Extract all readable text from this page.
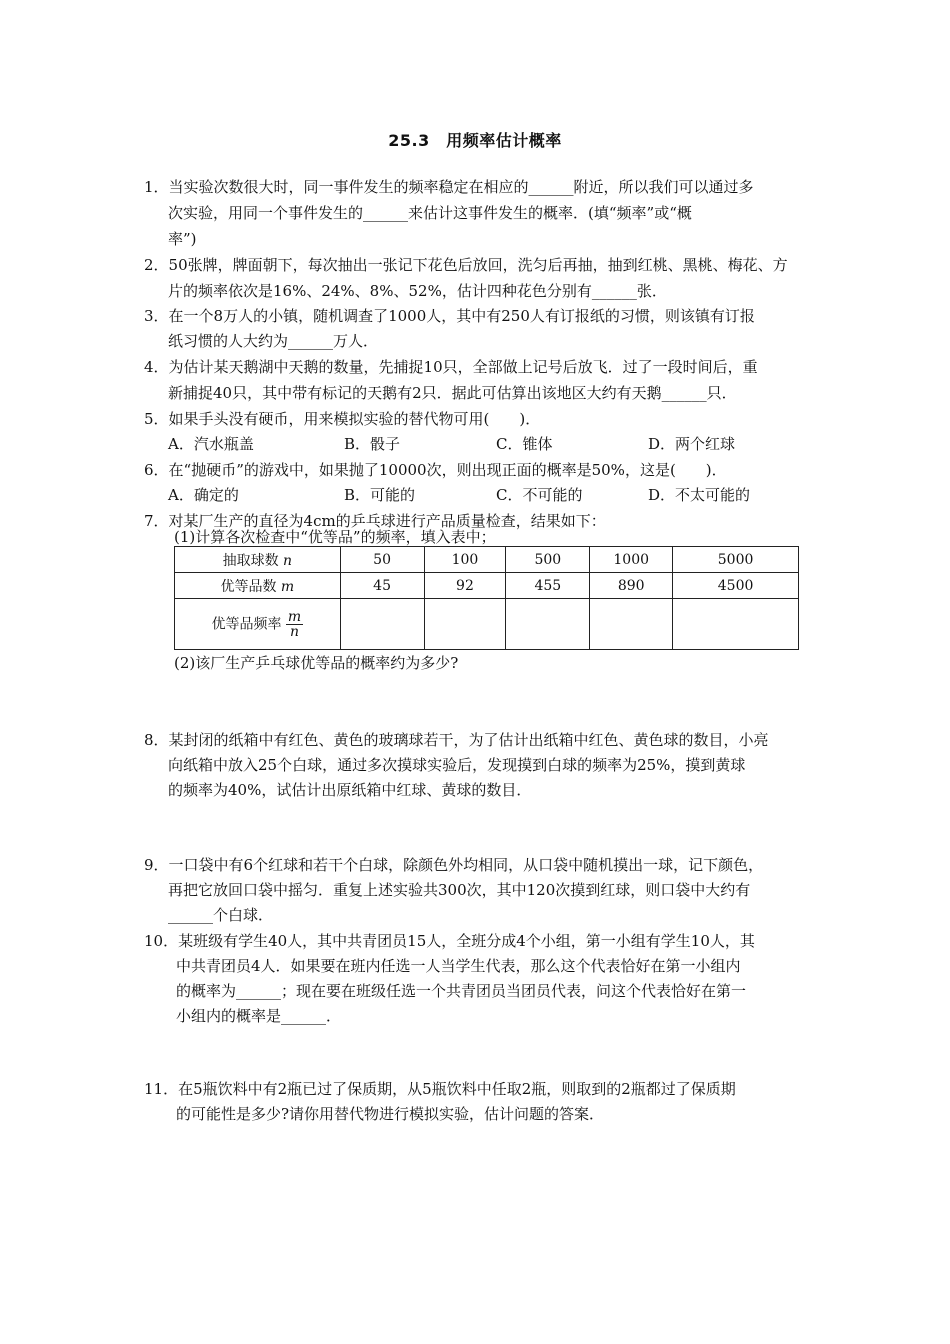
25.3　用频率估计概率
1．当实验次数很大时，同一事件发生的频率稳定在相应的______附近，所以我们可以通过多
次实验，用同一个事件发生的______来估计这事件发生的概率．(填“频率”或“概
率”)
2．50张牌，牌面朝下，每次抽出一张记下花色后放回，洗匀后再抽，抽到红桃、黑桃、梅花、方
片的频率依次是16%、24%、8%、52%，估计四种花色分别有______张．
3．在一个8万人的小镇，随机调查了1000人，其中有250人有订报纸的习惯，则该镇有订报
纸习惯的人大约为______万人．
4．为估计某天鹅湖中天鹅的数量，先捕捉10只，全部做上记号后放飞．过了一段时间后，重
新捕捉40只，其中带有标记的天鹅有2只．据此可估算出该地区大约有天鹅______只．
5．如果手头没有硬币，用来模拟实验的替代物可用(　　)．
A．汽水瓶盖	B．骰子	C．锥体	D．两个红球
6．在“抛硬币”的游戏中，如果抛了10000次，则出现正面的概率是50%，这是(　　)．
A．确定的	B．可能的	C．不可能的	D．不太可能的
7．对某厂生产的直径为4cm的乒乓球进行产品质量检查，结果如下：
(1)计算各次检查中“优等品”的频率，填入表中；
抽取球数 n	50	100	500	1000	5000
优等品数 m	45	92	455	890	4500
优等品频率 $\frac{m}{n}$

(2)该厂生产乒乓球优等品的概率约为多少?
8．某封闭的纸箱中有红色、黄色的玻璃球若干，为了估计出纸箱中红色、黄色球的数目，小亮
向纸箱中放入25个白球，通过多次摸球实验后，发现摸到白球的频率为25%，摸到黄球
的频率为40%，试估计出原纸箱中红球、黄球的数目．
9．一口袋中有6个红球和若干个白球，除颜色外均相同，从口袋中随机摸出一球，记下颜色，
再把它放回口袋中摇匀．重复上述实验共300次，其中120次摸到红球，则口袋中大约有
______个白球．
10．某班级有学生40人，其中共青团员15人，全班分成4个小组，第一小组有学生10人，其
中共青团员4人．如果要在班内任选一人当学生代表，那么这个代表恰好在第一小组内
的概率为______；现在要在班级任选一个共青团员当团员代表，问这个代表恰好在第一
小组内的概率是______．
11．在5瓶饮料中有2瓶已过了保质期，从5瓶饮料中任取2瓶，则取到的2瓶都过了保质期
的可能性是多少?请你用替代物进行模拟实验，估计问题的答案．
